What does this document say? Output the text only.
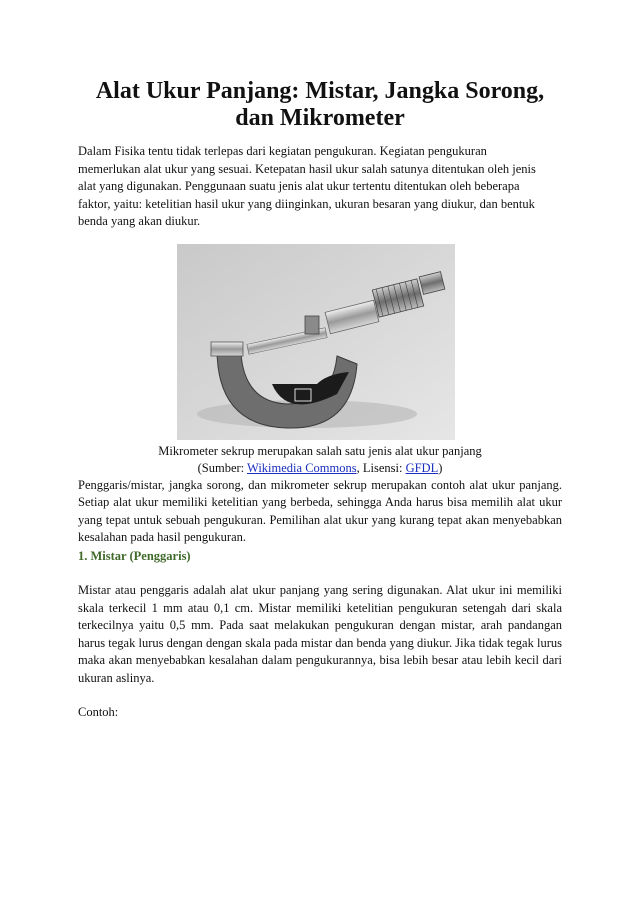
Alat Ukur Panjang: Mistar, Jangka Sorong,
dan Mikrometer

Dalam Fisika tentu tidak terlepas dari kegiatan pengukuran. Kegiatan pengukuran memerlukan alat ukur yang sesuai. Ketepatan hasil ukur salah satunya ditentukan oleh jenis alat yang digunakan. Penggunaan suatu jenis alat ukur tertentu ditentukan oleh beberapa faktor, yaitu: ketelitian hasil ukur yang diinginkan, ukuran besaran yang diukur, dan bentuk benda yang akan diukur.

Mikrometer sekrup merupakan salah satu jenis alat ukur panjang
(Sumber: Wikimedia Commons, Lisensi: GFDL)

Penggaris/mistar, jangka sorong, dan mikrometer sekrup merupakan contoh alat ukur panjang. Setiap alat ukur memiliki ketelitian yang berbeda, sehingga Anda harus bisa memilih alat ukur yang tepat untuk sebuah pengukuran. Pemilihan alat ukur yang kurang tepat akan menyebabkan kesalahan pada hasil pengukuran.

1. Mistar (Penggaris)

Mistar atau penggaris adalah alat ukur panjang yang sering digunakan. Alat ukur ini memiliki skala terkecil 1 mm atau 0,1 cm. Mistar memiliki ketelitian pengukuran setengah dari skala terkecilnya yaitu 0,5 mm. Pada saat melakukan pengukuran dengan mistar, arah pandangan harus tegak lurus dengan dengan skala pada mistar dan benda yang diukur. Jika tidak tegak lurus maka akan menyebabkan kesalahan dalam pengukurannya, bisa lebih besar atau lebih kecil dari ukuran aslinya.

Contoh:
